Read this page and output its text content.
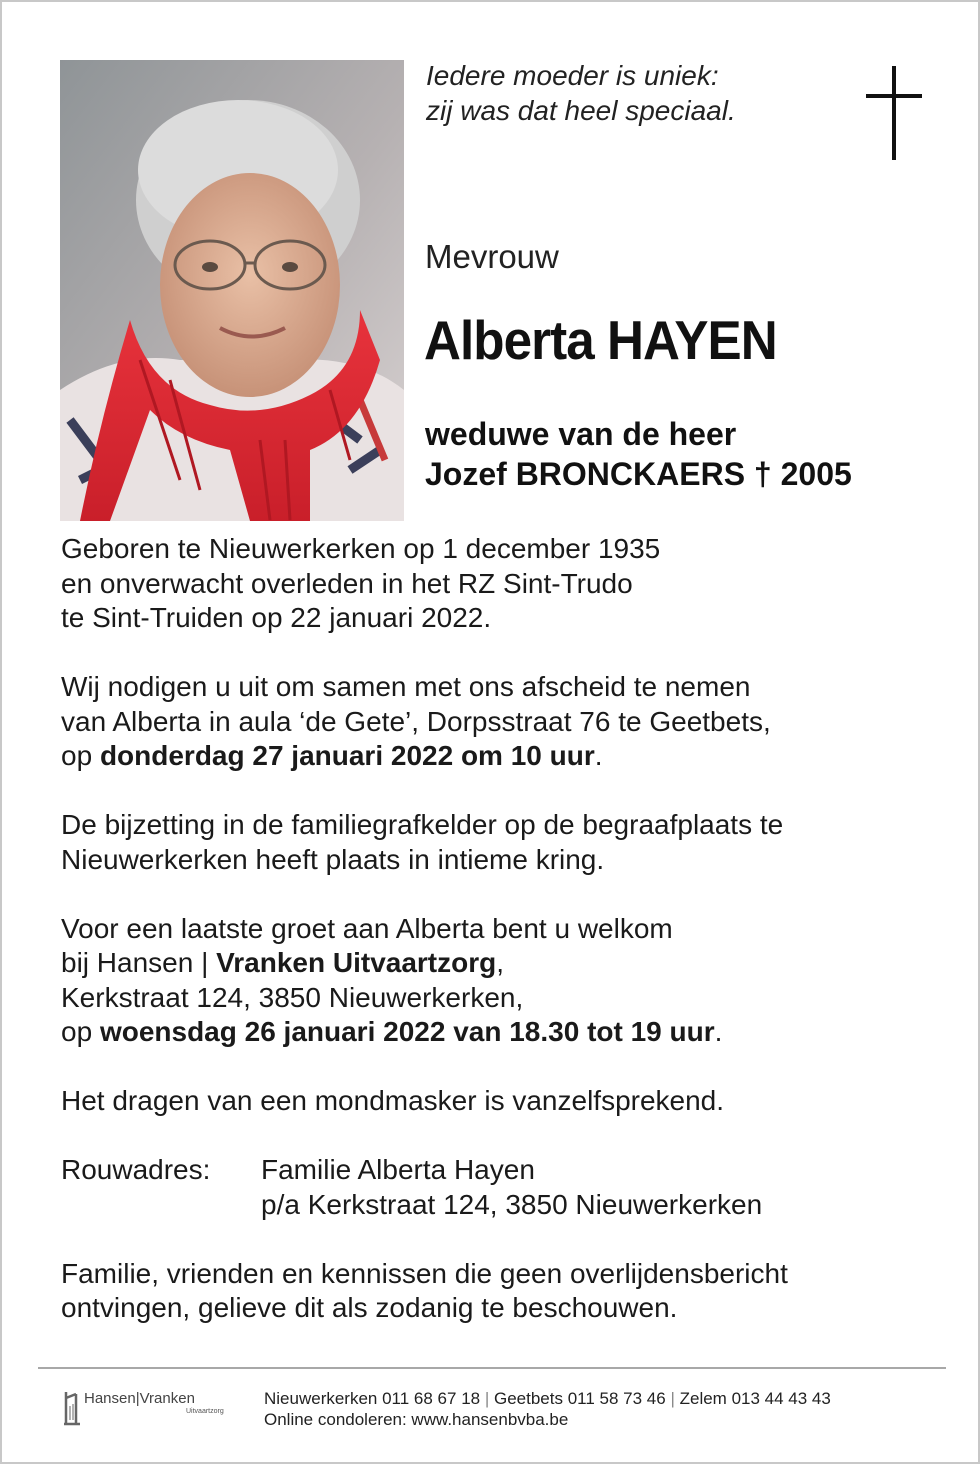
Iedere moeder is uniek:
zij was dat heel speciaal.
Mevrouw
Alberta HAYEN
weduwe van de heer
Jozef BRONCKAERS † 2005
Geboren te Nieuwerkerken op 1 december 1935
en onverwacht overleden in het RZ Sint-Trudo
te Sint-Truiden op 22 januari 2022.
Wij nodigen u uit om samen met ons afscheid te nemen
van Alberta in aula ‘de Gete’, Dorpsstraat 76 te Geetbets,
op donderdag 27 januari 2022 om 10 uur.
De bijzetting in de familiegrafkelder op de begraafplaats te
Nieuwerkerken heeft plaats in intieme kring.
Voor een laatste groet aan Alberta bent u welkom
bij Hansen | Vranken Uitvaartzorg,
Kerkstraat 124, 3850 Nieuwerkerken,
op woensdag 26 januari 2022 van 18.30 tot 19 uur.
Het dragen van een mondmasker is vanzelfsprekend.
Rouwadres:	Familie Alberta Hayen
p/a Kerkstraat 124, 3850 Nieuwerkerken
Familie, vrienden en kennissen die geen overlijdensbericht
ontvingen, gelieve dit als zodanig te beschouwen.
Hansen|Vranken
Uitvaartzorg
Nieuwerkerken 011 68 67 18 | Geetbets 011 58 73 46 | Zelem 013 44 43 43
Online condoleren: www.hansenbvba.be
